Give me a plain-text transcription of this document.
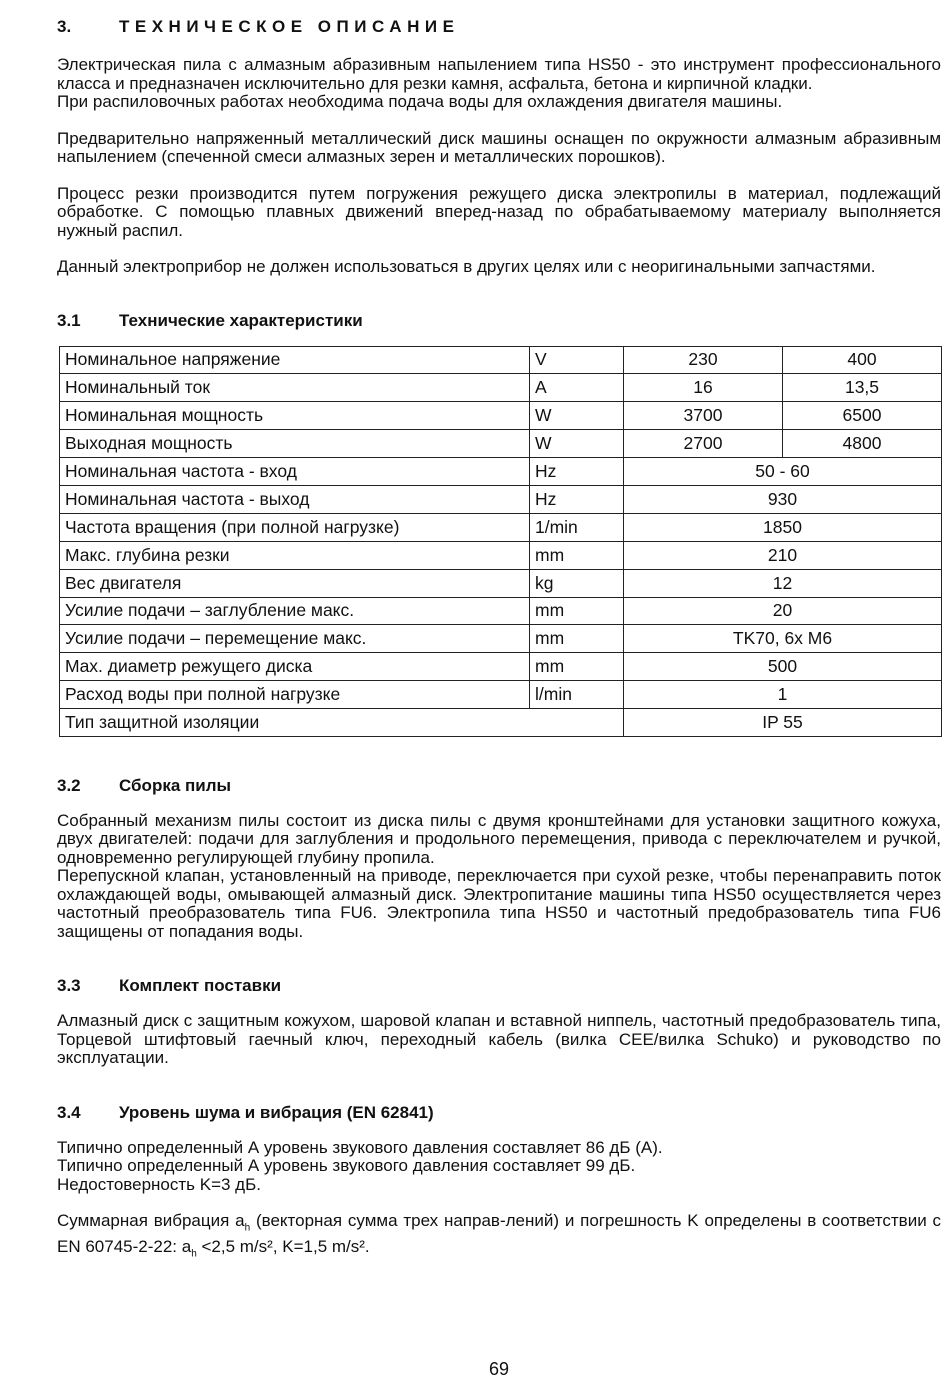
3.	ТЕХНИЧЕСКОЕ ОПИСАНИЕ

Электрическая пила с алмазным абразивным напылением типа HS50 - это инструмент профессионального класса и предназначен исключительно для резки камня, асфальта, бетона и кирпичной кладки.

При распиловочных работах необходима подача воды для охлаждения двигателя машины.

Предварительно напряженный металлический диск машины оснащен по окружности алмазным абразивным напылением (спеченной смеси алмазных зерен и металлических порошков).

Процесс резки производится путем погружения режущего диска электропилы в материал, подлежащий обработке. С помощью плавных движений вперед-назад по обрабатываемому материалу выполняется нужный распил.

Данный электроприбор не должен использоваться в других целях или с неоригинальными запчастями.

3.1 Технические характеристики
Номинальное напряжение	V	230	400
Номинальный ток	A	16	13,5
Номинальная мощность	W	3700	6500
Выходная мощность	W	2700	4800
Номинальная частота - вход	Hz	50 - 60	
Номинальная частота - выход	Hz	930	
Частота вращения (при полной нагрузке)	1/min	1850	
Макс. глубина резки	mm	210	
Вес двигателя	kg	12	
Усилие подачи – заглубление макс.	mm	20	
Усилие подачи – перемещение макс.	mm	TK70, 6x M6	
Max. диаметр режущего диска	mm	500	
Расход воды при полной нагрузке	l/min	1	
Тип защитной изоляции		IP 55	
3.2 Сборка пилы

Собранный механизм пилы состоит из диска пилы с двумя кронштейнами для установки защитного кожуха, двух двигателей: подачи для заглубления и продольного перемещения, привода с переключателем и ручкой, одновременно регулирующей глубину пропила.

Перепускной клапан, установленный на приводе, переключается при сухой резке, чтобы перенаправить поток охлаждающей воды, омывающей алмазный диск. Электропитание машины типа HS50 осуществляется через частотный преобразователь типа FU6. Электропила типа HS50 и частотный предобразователь типа FU6 защищены от попадания воды.

3.3 Комплект поставки

Алмазный диск с защитным кожухом, шаровой клапан и вставной ниппель, частотный предобразователь типа, Торцевой штифтовый гаечный ключ, переходный кабель (вилка CEE/вилка Schuko) и руководство по эксплуатации.

3.4 Уровень шума и вибрация (EN 62841)

Типично определенный А уровень звукового давления составляет 86 дБ (А).

Типично определенный А уровень звукового давления составляет 99 дБ.

Недостоверность K=3 дБ.

Суммарная вибрация $a_h$ (векторная сумма трех направ-лений) и погрешность K определены в соответствии с EN 60745-2-22: $a_h <2,5$ m/s², K=1,5 m/s².

69
